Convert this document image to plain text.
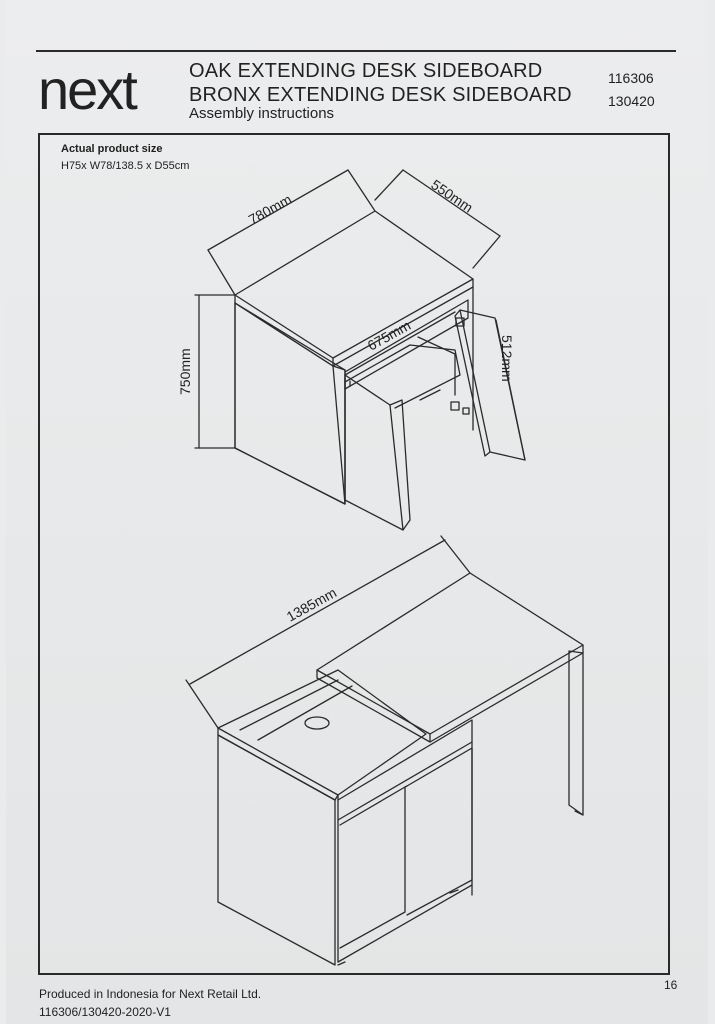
next	OAK EXTENDING DESK SIDEBOARD
BRONX EXTENDING DESK SIDEBOARD
Assembly instructions
116306
130420
Actual product size
H75x W78/138.5 x D55cm
780mm	550mm
750mm
675mm	512mm
1385mm
Produced in Indonesia for Next Retail Ltd.
116306/130420-2020-V1
16
